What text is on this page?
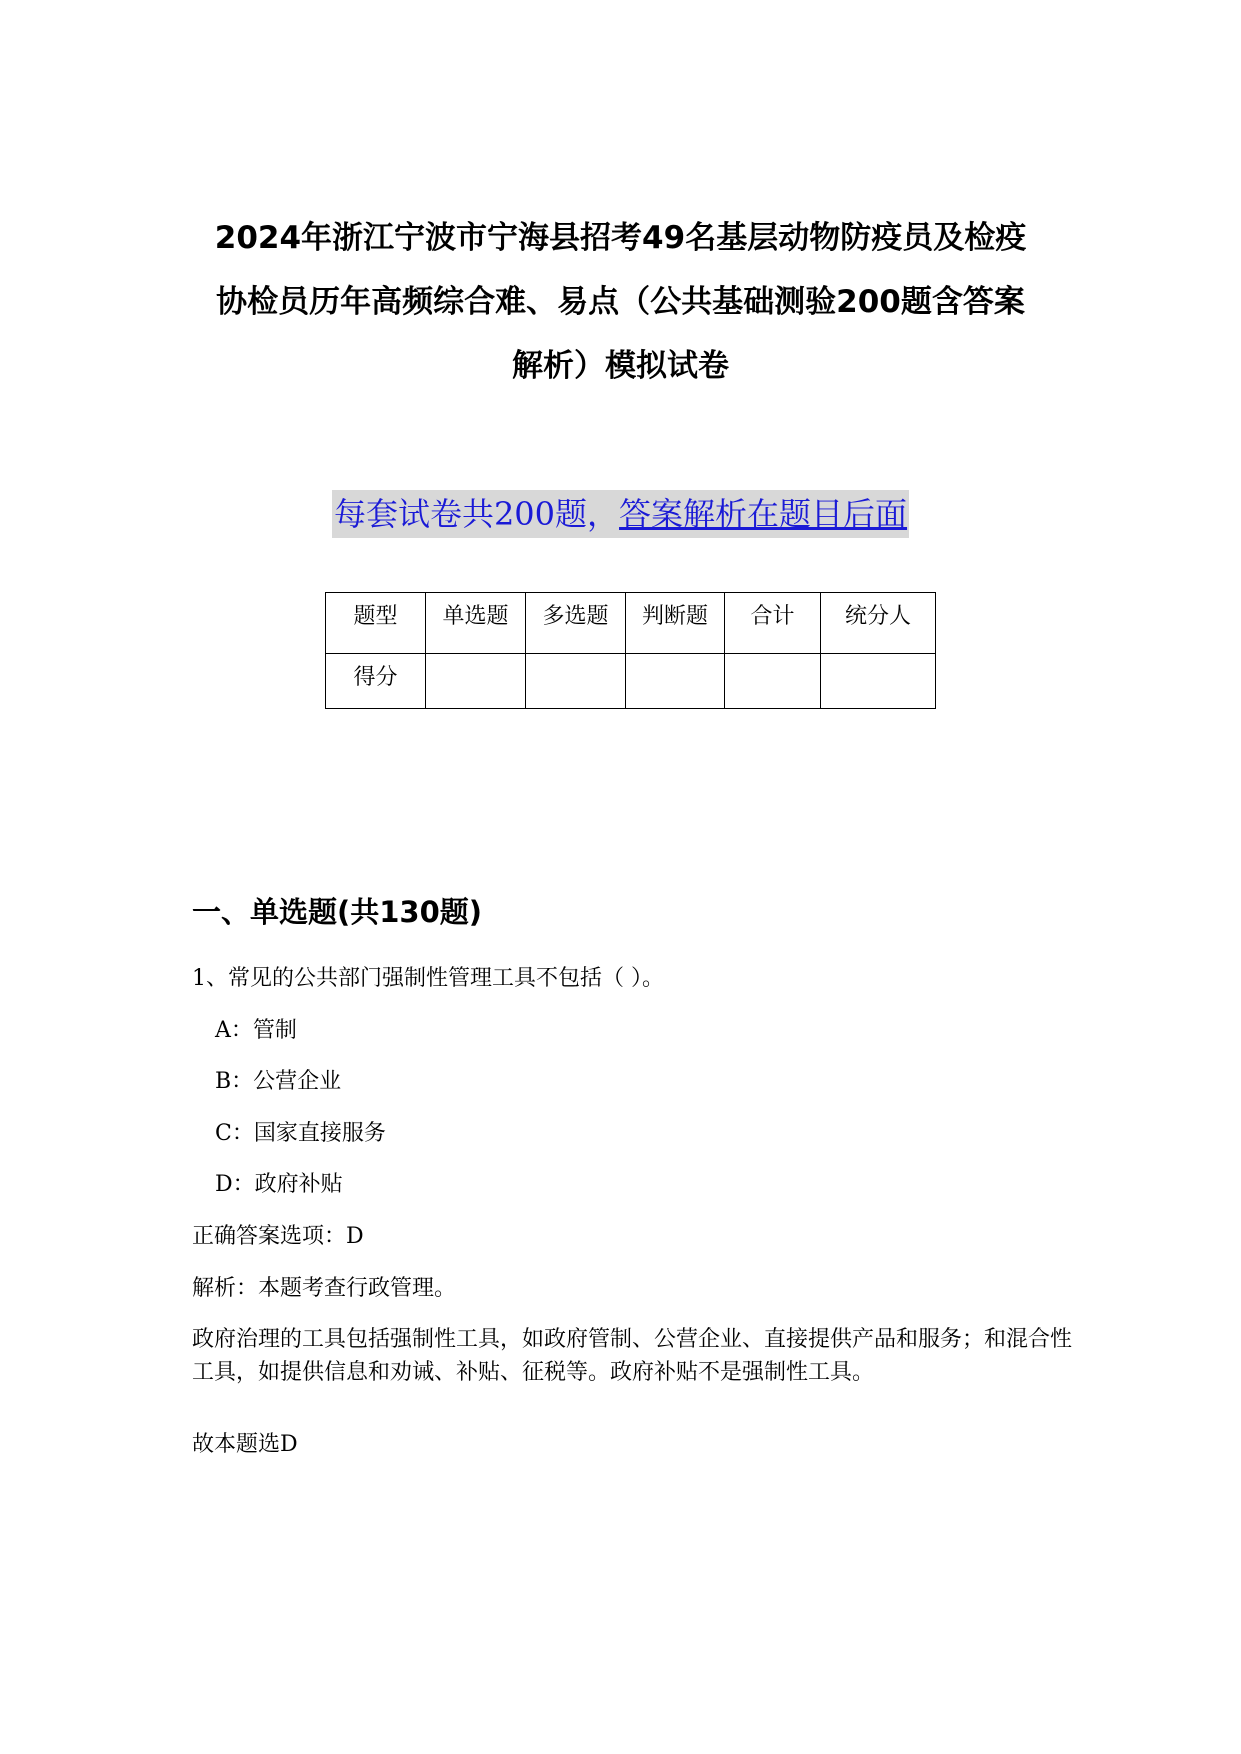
2024年浙江宁波市宁海县招考49名基层动物防疫员及检疫
协检员历年高频综合难、易点（公共基础测验200题含答案
解析）模拟试卷
每套试卷共200题，答案解析在题目后面
题型	单选题	多选题	判断题	合计	统分人
得分					
一、单选题(共130题)

1、常见的公共部门强制性管理工具不包括（ ）。

A：管制

B：公营企业

C：国家直接服务

D：政府补贴

正确答案选项：D

解析：本题考查行政管理。

政府治理的工具包括强制性工具，如政府管制、公营企业、直接提供产品和服务；和混合性工具，如提供信息和劝诫、补贴、征税等。政府补贴不是强制性工具。

故本题选D
